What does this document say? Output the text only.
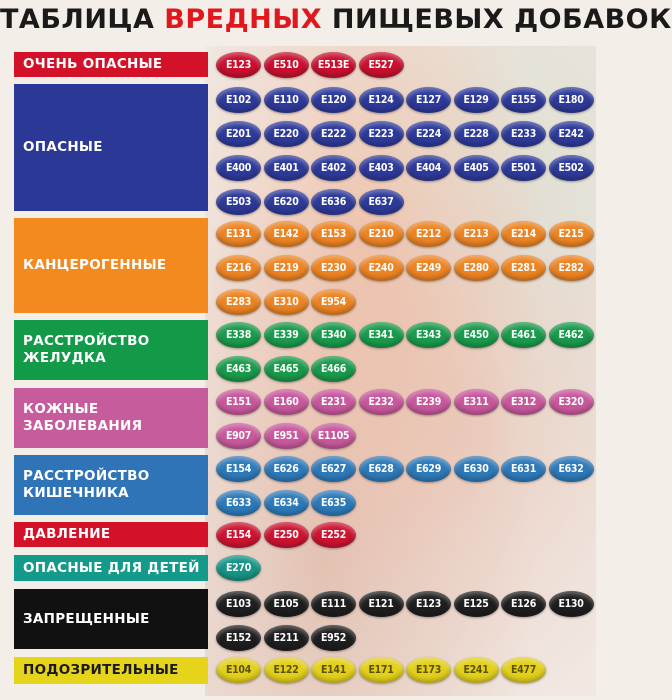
ТАБЛИЦА ВРЕДНЫХ ПИЩЕВЫХ ДОБАВОК
ОЧЕНЬ ОПАСНЫЕ	E123	E510	E513E	E527
ОПАСНЫЕ
E102	E110	E120	E124	E127	E129	E155	E180
E201	E220	E222	E223	E224	E228	E233	E242
E400	E401	E402	E403	E404	E405	E501	E502
E503	E620	E636	E637
КАНЦЕРОГЕННЫЕ
E131	E142	E153	E210	E212	E213	E214	E215
E216	E219	E230	E240	E249	E280	E281	E282
E283	E310	E954
РАССТРОЙСТВО ЖЕЛУДКА
E338	E339	E340	E341	E343	E450	E461	E462
E463	E465	E466
КОЖНЫЕ ЗАБОЛЕВАНИЯ
E151	E160	E231	E232	E239	E311	E312	E320
E907	E951	E1105
РАССТРОЙСТВО КИШЕЧНИКА
E154	E626	E627	E628	E629	E630	E631	E632
E633	E634	E635
ДАВЛЕНИЕ	E154	E250	E252
ОПАСНЫЕ ДЛЯ ДЕТЕЙ	E270
ЗАПРЕЩЕННЫЕ
E103	E105	E111	E121	E123	E125	E126	E130
E152	E211	E952
ПОДОЗРИТЕЛЬНЫЕ	E104	E122	E141	E171	E173	E241	E477
